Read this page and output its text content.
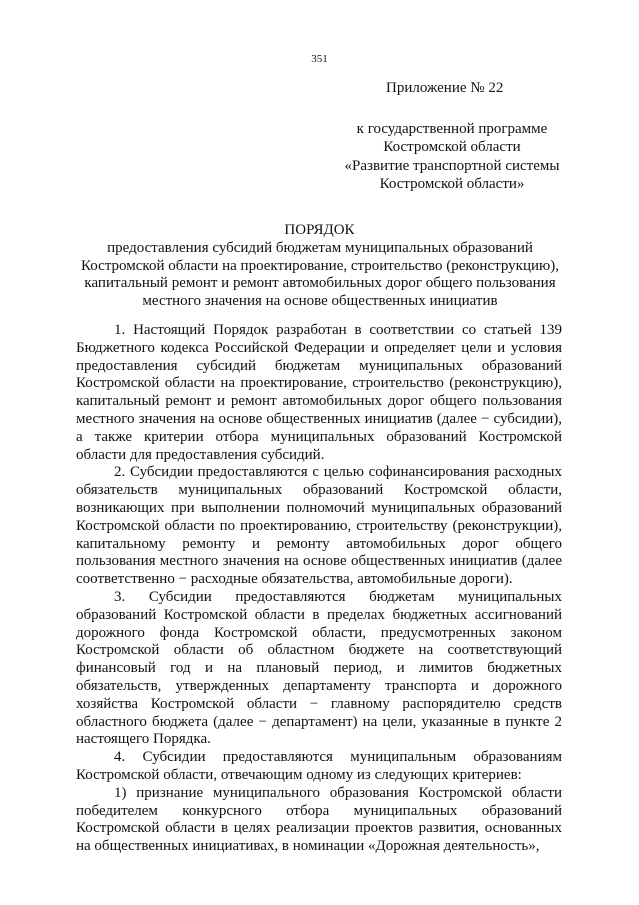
351
Приложение № 22
к государственной программе
Костромской области
«Развитие транспортной системы
Костромской области»
ПОРЯДОК
предоставления субсидий бюджетам муниципальных образований Костромской области на проектирование, строительство (реконструкцию), капитальный ремонт и ремонт автомобильных дорог общего пользования местного значения на основе общественных инициатив

1. Настоящий Порядок разработан в соответствии со статьей 139 Бюджетного кодекса Российской Федерации и определяет цели и условия предоставления субсидий бюджетам муниципальных образований Костромской области на проектирование, строительство (реконструкцию), капитальный ремонт и ремонт автомобильных дорог общего пользования местного значения на основе общественных инициатив (далее − субсидии), а также критерии отбора муниципальных образований Костромской области для предоставления субсидий.

2. Субсидии предоставляются с целью софинансирования расходных обязательств муниципальных образований Костромской области, возникающих при выполнении полномочий муниципальных образований Костромской области по проектированию, строительству (реконструкции), капитальному ремонту и ремонту автомобильных дорог общего пользования местного значения на основе общественных инициатив (далее соответственно − расходные обязательства, автомобильные дороги).

3. Субсидии предоставляются бюджетам муниципальных образований Костромской области в пределах бюджетных ассигнований дорожного фонда Костромской области, предусмотренных законом Костромской области об областном бюджете на соответствующий финансовый год и на плановый период, и лимитов бюджетных обязательств, утвержденных департаменту транспорта и дорожного хозяйства Костромской области − главному распорядителю средств областного бюджета (далее − департамент) на цели, указанные в пункте 2 настоящего Порядка.

4. Субсидии предоставляются муниципальным образованиям Костромской области, отвечающим одному из следующих критериев:

1) признание муниципального образования Костромской области победителем конкурсного отбора муниципальных образований Костромской области в целях реализации проектов развития, основанных на общественных инициативах, в номинации «Дорожная деятельность»,
